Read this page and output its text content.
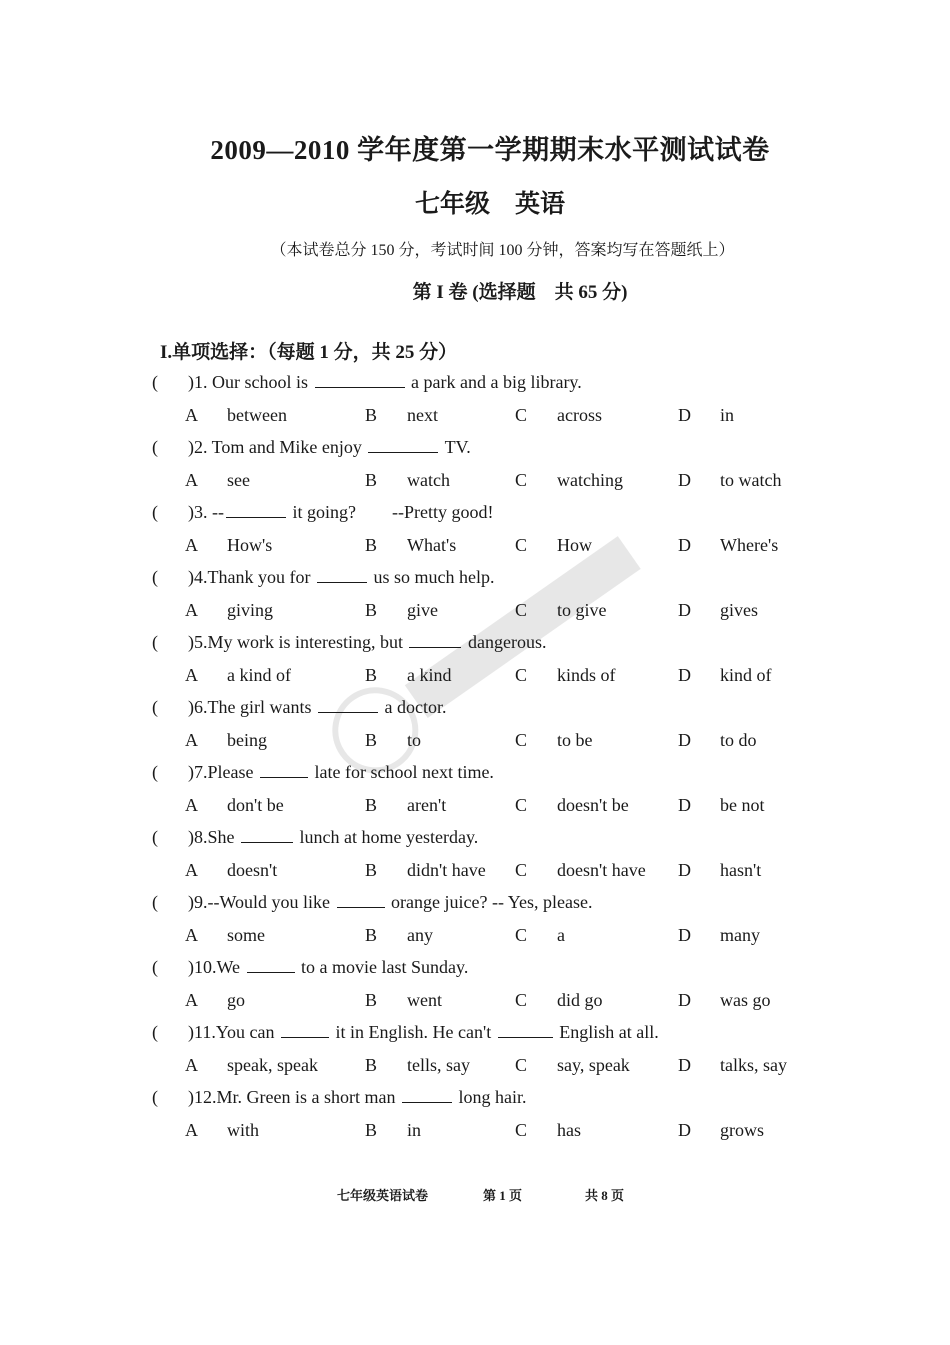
2009—2010 学年度第一学期期末水平测试试卷
七年级　英语
（本试卷总分 150 分，考试时间 100 分钟，答案均写在答题纸上）
第 I 卷 (选择题　共 65 分)
I.单项选择：（每题 1 分，共 25 分）
( )1. Our school is	a park and a big library.
A between	B next	C across	D in
( )2. Tom and Mike enjoy	TV.
A see	B watch	C watching	D to watch
( )3. --	it going?　　--Pretty good!
A How's	B What's	C How	D Where's
( )4.Thank you for	us so much help.
A giving	B give	C to give	D gives
( )5.My work is interesting, but	dangerous.
A a kind of	B a kind	C kinds of	D kind of
( )6.The girl wants	a doctor.
A being	B to	C to be	D to do
( )7.Please	late for school next time.
A don't be	B aren't	C doesn't be	D be not
( )8.She	lunch at home yesterday.
A doesn't	B didn't have C doesn't have D hasn't
( )9.--Would you like	orange juice? -- Yes, please.
A some	B any	C a	D many
( )10.We	to a movie last Sunday.
A go	B went	C did go	D was go
( )11.You can	it in English. He can't	English at all.
A speak, speak	B tells, say	C say, speak	D talks, say
( )12.Mr. Green is a short man	long hair.
A with	B in	C has	D grows
七年级英语试卷	第 1 页	共 8 页
